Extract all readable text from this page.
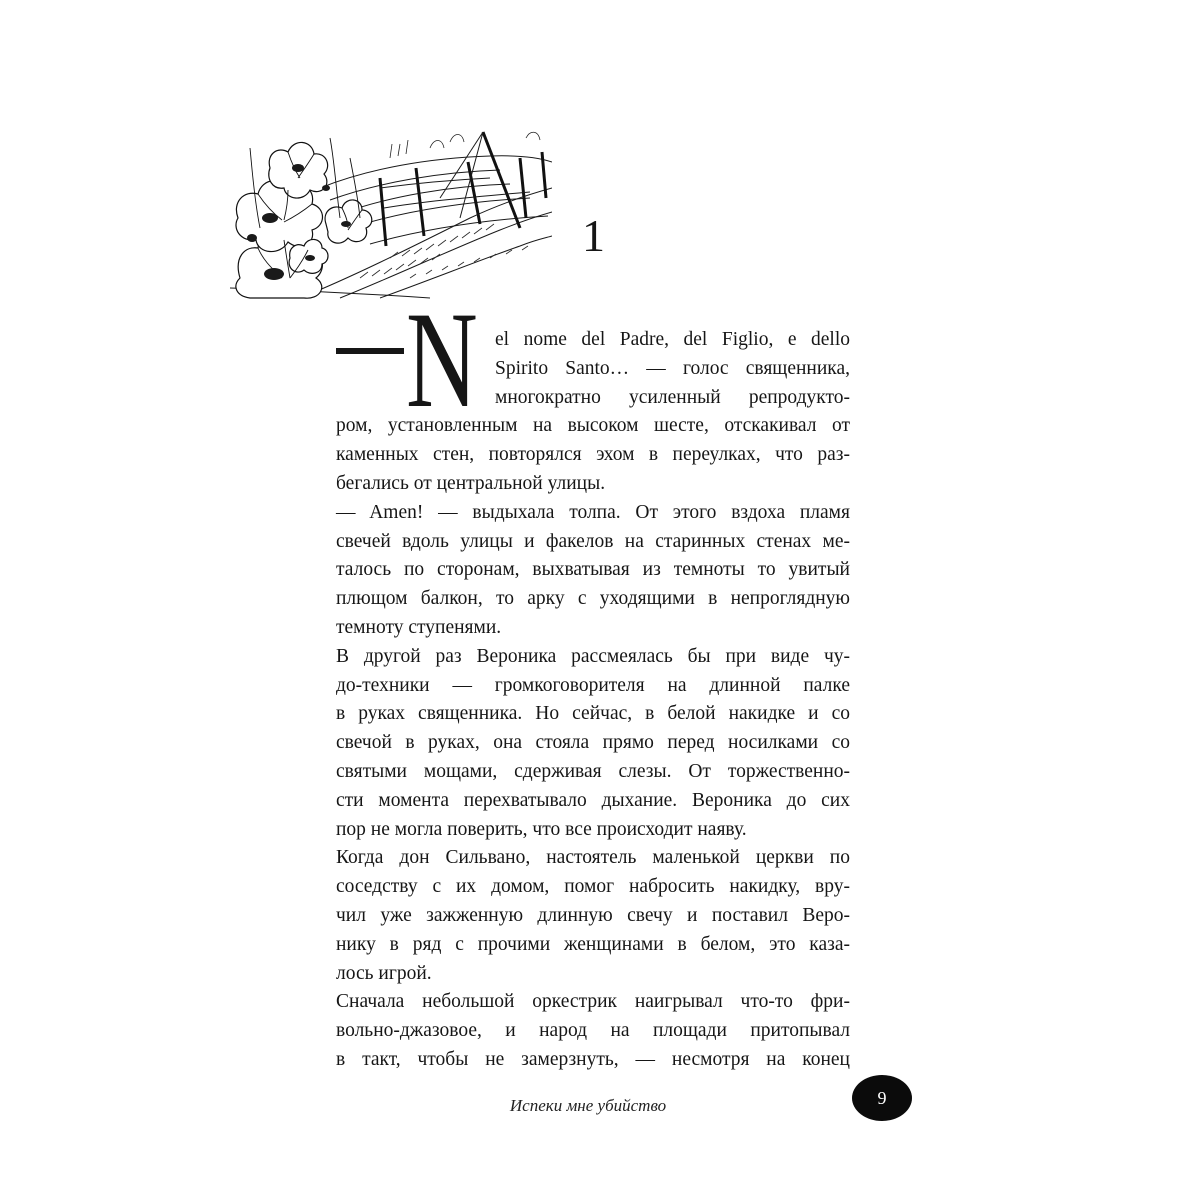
1
N el nome del Padre, del Figlio, e dello
Spirito Santo… — голос священника,
многократно усиленный репродукто-
ром, установленным на высоком шесте, отскакивал от
каменных стен, повторялся эхом в переулках, что раз-
бегались от центральной улицы.
— Amen! — выдыхала толпа. От этого вздоха пламя
свечей вдоль улицы и факелов на старинных стенах ме-
талось по сторонам, выхватывая из темноты то увитый
плющом балкон, то арку с уходящими в непроглядную
темноту ступенями.
В другой раз Вероника рассмеялась бы при виде чу-
до-техники — громкоговорителя на длинной палке
в руках священника. Но сейчас, в белой накидке и со
свечой в руках, она стояла прямо перед носилками со
святыми мощами, сдерживая слезы. От торжественно-
сти момента перехватывало дыхание. Вероника до сих
пор не могла поверить, что все происходит наяву.
Когда дон Сильвано, настоятель маленькой церкви по
соседству с их домом, помог набросить накидку, вру-
чил уже зажженную длинную свечу и поставил Веро-
нику в ряд с прочими женщинами в белом, это каза-
лось игрой.
Сначала небольшой оркестрик наигрывал что-то фри-
вольно-джазовое, и народ на площади притопывал
в такт, чтобы не замерзнуть, — несмотря на конец
Испеки мне убийство	9
